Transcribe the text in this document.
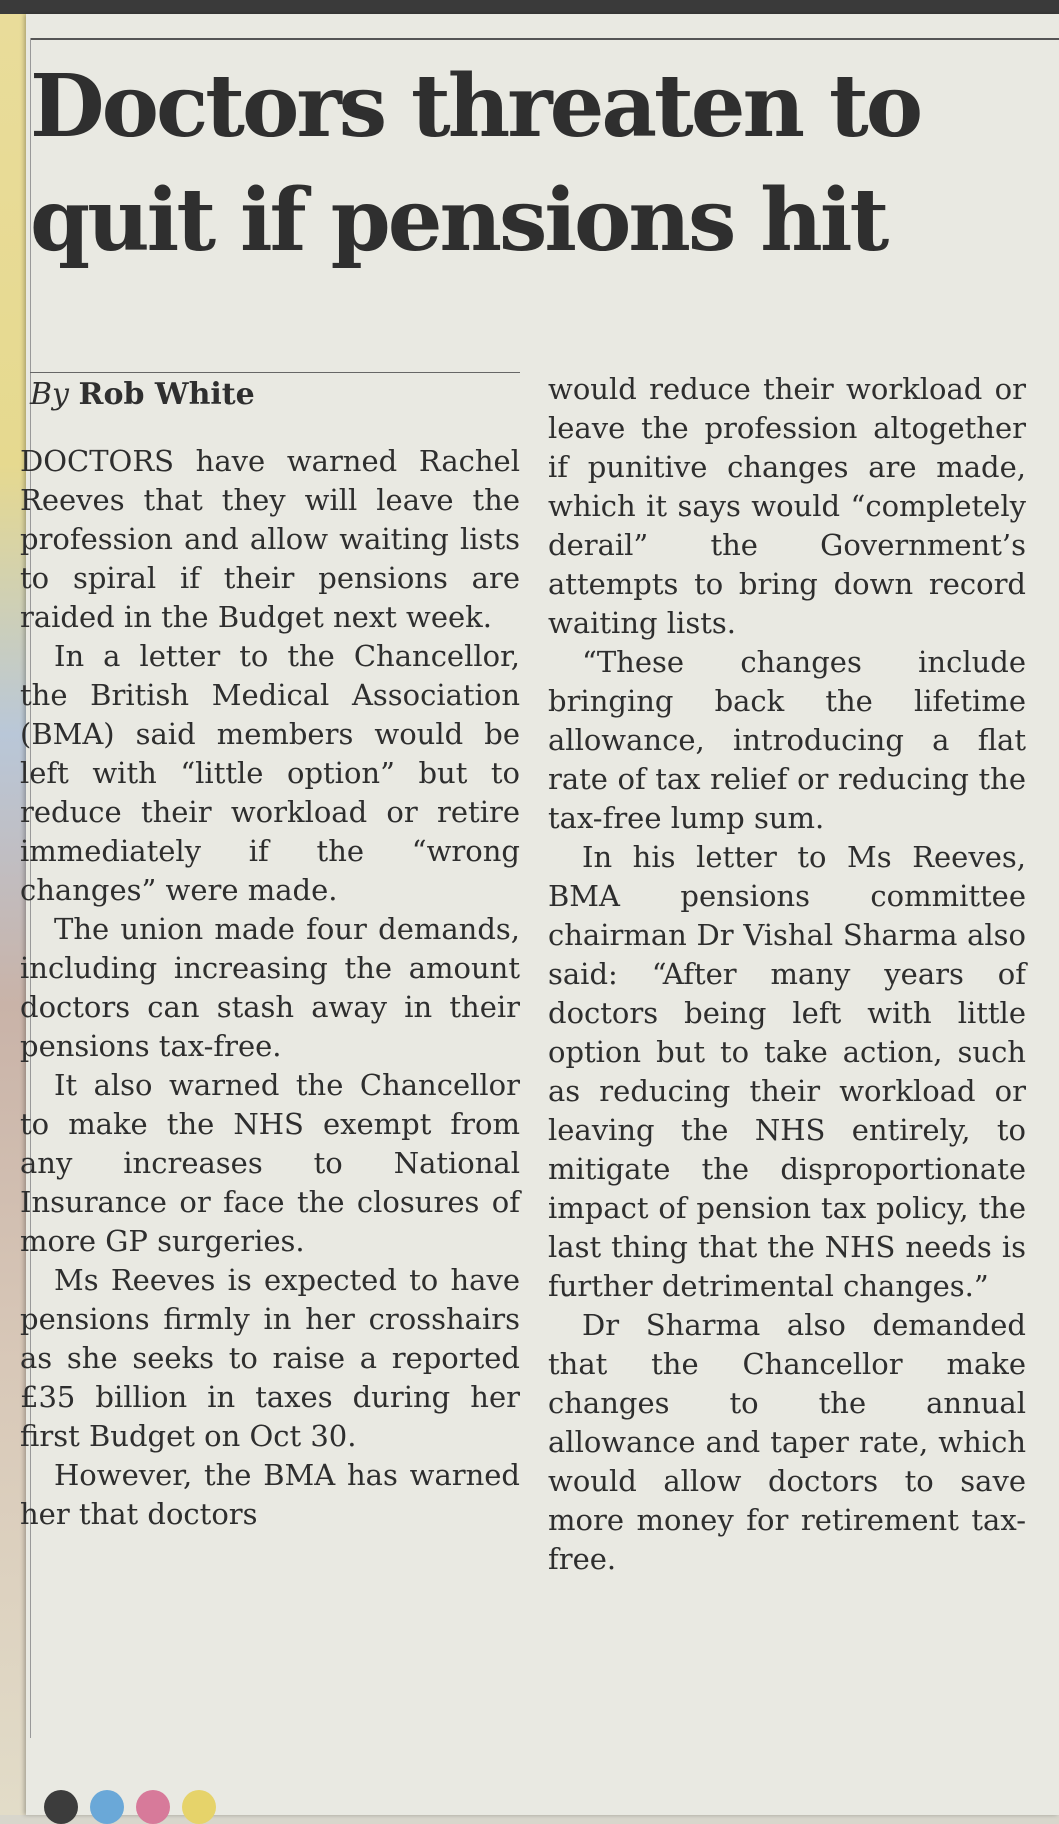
Doctors threaten to quit if pensions hit
By Rob White

DOCTORS have warned Rachel Reeves that they will leave the profession and allow waiting lists to spiral if their pensions are raided in the Budget next week.

In a letter to the Chancellor, the British Medical Association (BMA) said members would be left with “little option” but to reduce their workload or retire immediately if the “wrong changes” were made.

The union made four demands, including increasing the amount doctors can stash away in their pensions tax-free.

It also warned the Chancellor to make the NHS exempt from any increases to National Insurance or face the closures of more GP surgeries.

Ms Reeves is expected to have pensions firmly in her crosshairs as she seeks to raise a reported £35 billion in taxes during her first Budget on Oct 30.

However, the BMA has warned her that doctors

would reduce their workload or leave the profession altogether if punitive changes are made, which it says would “completely derail” the Government’s attempts to bring down record waiting lists.

“These changes include bringing back the lifetime allowance, introducing a flat rate of tax relief or reducing the tax-free lump sum.

In his letter to Ms Reeves, BMA pensions committee chairman Dr Vishal Sharma also said: “After many years of doctors being left with little option but to take action, such as reducing their workload or leaving the NHS entirely, to mitigate the disproportionate impact of pension tax policy, the last thing that the NHS needs is further detrimental changes.”

Dr Sharma also demanded that the Chancellor make changes to the annual allowance and taper rate, which would allow doctors to save more money for retirement tax-free.
